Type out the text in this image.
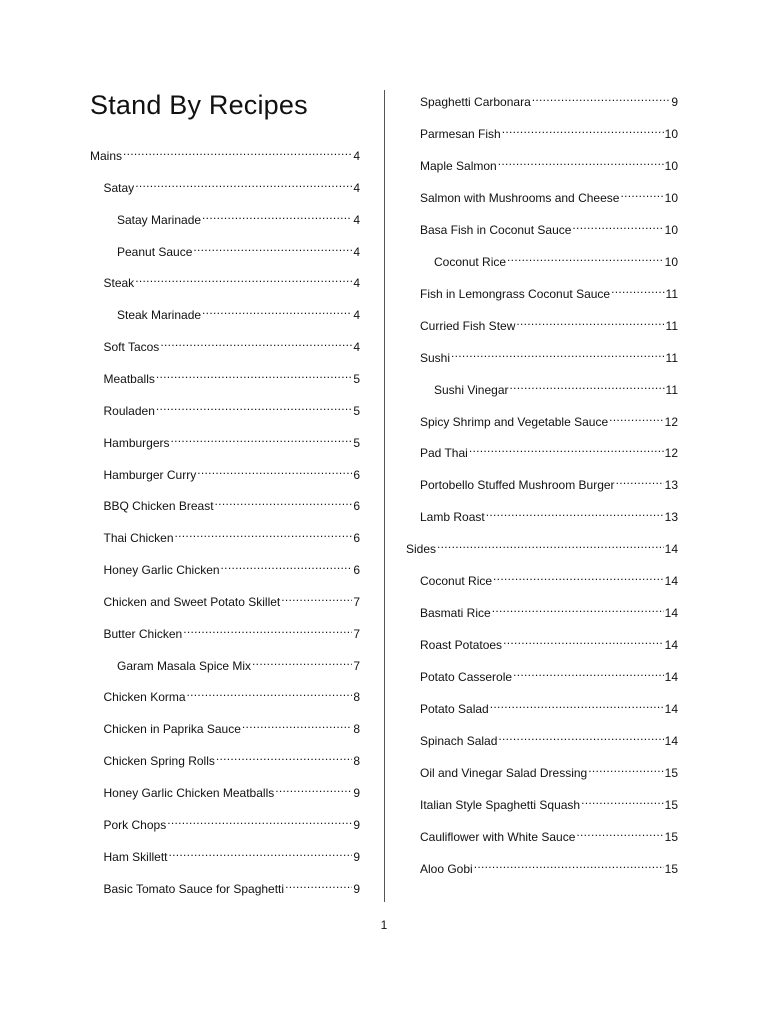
Stand By Recipes
Mains .....	4
Satay .....	4
Satay Marinade .....	4
Peanut Sauce .....	4
Steak .....	4
Steak Marinade .....	4
Soft Tacos .....	4
Meatballs .....	5
Rouladen .....	5
Hamburgers .....	5
Hamburger Curry .....	6
BBQ Chicken Breast .....	6
Thai Chicken .....	6
Honey Garlic Chicken .....	6
Chicken and Sweet Potato Skillet .....	7
Butter Chicken .....	7
Garam Masala Spice Mix .....	7
Chicken Korma .....	8
Chicken in Paprika Sauce .....	8
Chicken Spring Rolls .....	8
Honey Garlic Chicken Meatballs .....	9
Pork Chops .....	9
Ham Skillett .....	9
Basic Tomato Sauce for Spaghetti .....	9
Spaghetti Carbonara .....	9
Parmesan Fish .....	10
Maple Salmon .....	10
Salmon with Mushrooms and Cheese .....	10
Basa Fish in Coconut Sauce .....	10
Coconut Rice .....	10
Fish in Lemongrass Coconut Sauce .....	11
Curried Fish Stew .....	11
Sushi .....	11
Sushi Vinegar .....	11
Spicy Shrimp and Vegetable Sauce .....	12
Pad Thai .....	12
Portobello Stuffed Mushroom Burger .....	13
Lamb Roast .....	13
Sides .....	14
Coconut Rice .....	14
Basmati Rice .....	14
Roast Potatoes .....	14
Potato Casserole .....	14
Potato Salad .....	14
Spinach Salad .....	14
Oil and Vinegar Salad Dressing .....	15
Italian Style Spaghetti Squash .....	15
Cauliflower with White Sauce .....	15
Aloo Gobi .....	15
1
